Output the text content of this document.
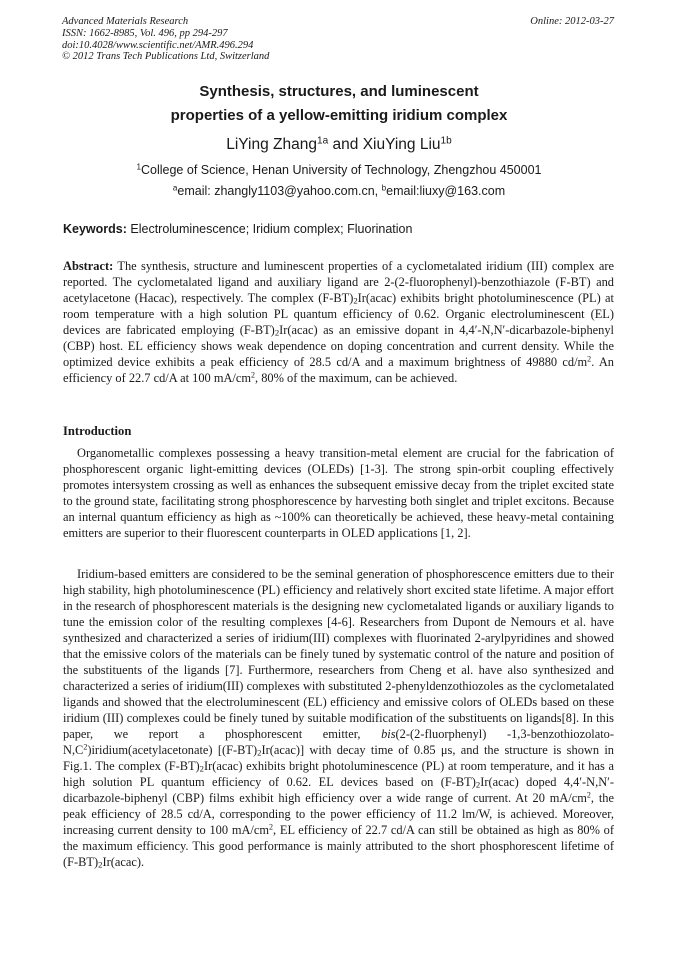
Advanced Materials Research
ISSN: 1662-8985, Vol. 496, pp 294-297
doi:10.4028/www.scientific.net/AMR.496.294
© 2012 Trans Tech Publications Ltd, Switzerland
Online: 2012-03-27
Synthesis, structures, and luminescent
properties of a yellow-emitting iridium complex
LiYing Zhang$^{1a}$ and XiuYing Liu$^{1b}$
$^1$College of Science, Henan University of Technology, Zhengzhou 450001
$^a$email: zhangly1103@yahoo.com.cn, $^b$email:liuxy@163.com
Keywords: Electroluminescence; Iridium complex; Fluorination
Abstract: The synthesis, structure and luminescent properties of a cyclometalated iridium (III) complex are reported. The cyclometalated ligand and auxiliary ligand are 2-(2-fluorophenyl)-benzothiazole (F-BT) and acetylacetone (Hacac), respectively. The complex $(F-BT)_2Ir(acac)$ exhibits bright photoluminescence (PL) at room temperature with a high solution PL quantum efficiency of 0.62. Organic electroluminescent (EL) devices are fabricated employing $(F-BT)_2Ir(acac)$ as an emissive dopant in 4,4′-N,N′-dicarbazole-biphenyl (CBP) host. EL efficiency shows weak dependence on doping concentration and current density. While the optimized device exhibits a peak efficiency of 28.5 cd/A and a maximum brightness of 49880 $cd/m^2$. An efficiency of 22.7 cd/A at 100 $mA/cm^2$, 80% of the maximum, can be achieved.
Introduction
Organometallic complexes possessing a heavy transition-metal element are crucial for the fabrication of phosphorescent organic light-emitting devices (OLEDs) [1-3]. The strong spin-orbit coupling effectively promotes intersystem crossing as well as enhances the subsequent emissive decay from the triplet excited state to the ground state, facilitating strong phosphorescence by harvesting both singlet and triplet excitons. Because an internal quantum efficiency as high as ~100% can theoretically be achieved, these heavy-metal containing emitters are superior to their fluorescent counterparts in OLED applications [1, 2].
Iridium-based emitters are considered to be the seminal generation of phosphorescence emitters due to their high stability, high photoluminescence (PL) efficiency and relatively short excited state lifetime. A major effort in the research of phosphorescent materials is the designing new cyclometalated ligands or auxiliary ligands to tune the emission color of the resulting complexes [4-6]. Researchers from Dupont de Nemours et al. have synthesized and characterized a series of iridium(III) complexes with fluorinated 2-arylpyridines and showed that the emissive colors of the materials can be finely tuned by systematic control of the nature and position of the substituents of the ligands [7]. Furthermore, researchers from Cheng et al. have also synthesized and characterized a series of iridium(III) complexes with substituted 2-phenyldenzothiozoles as the cyclometalated ligands and showed that the electroluminescent (EL) efficiency and emissive colors of OLEDs based on these iridium (III) complexes could be finely tuned by suitable modification of the substituents on ligands[8]. In this paper, we report a phosphorescent emitter, bis(2-(2-fluorphenyl) $-1,3-benzothiozolato-N,C^2)iridium(acetylacetonate)$ $[(F-BT)_2Ir(acac)]$ with decay time of 0.85 μs, and the structure is shown in Fig.1. The complex $(F-BT)_2Ir(acac)$ exhibits bright photoluminescence (PL) at room temperature, and it has a high solution PL quantum efficiency of 0.62. EL devices based on $(F-BT)_2Ir(acac)$ doped 4,4′-N,N′-dicarbazole-biphenyl (CBP) films exhibit high efficiency over a wide range of current. At 20 $mA/cm^2$, the peak efficiency of 28.5 cd/A, corresponding to the power efficiency of 11.2 lm/W, is achieved. Moreover, increasing current density to 100 $mA/cm^2$, EL efficiency of 22.7 cd/A can still be obtained as high as 80% of the maximum efficiency. This good performance is mainly attributed to the short phosphorescent lifetime of $(F-BT)_2Ir(acac)$.
